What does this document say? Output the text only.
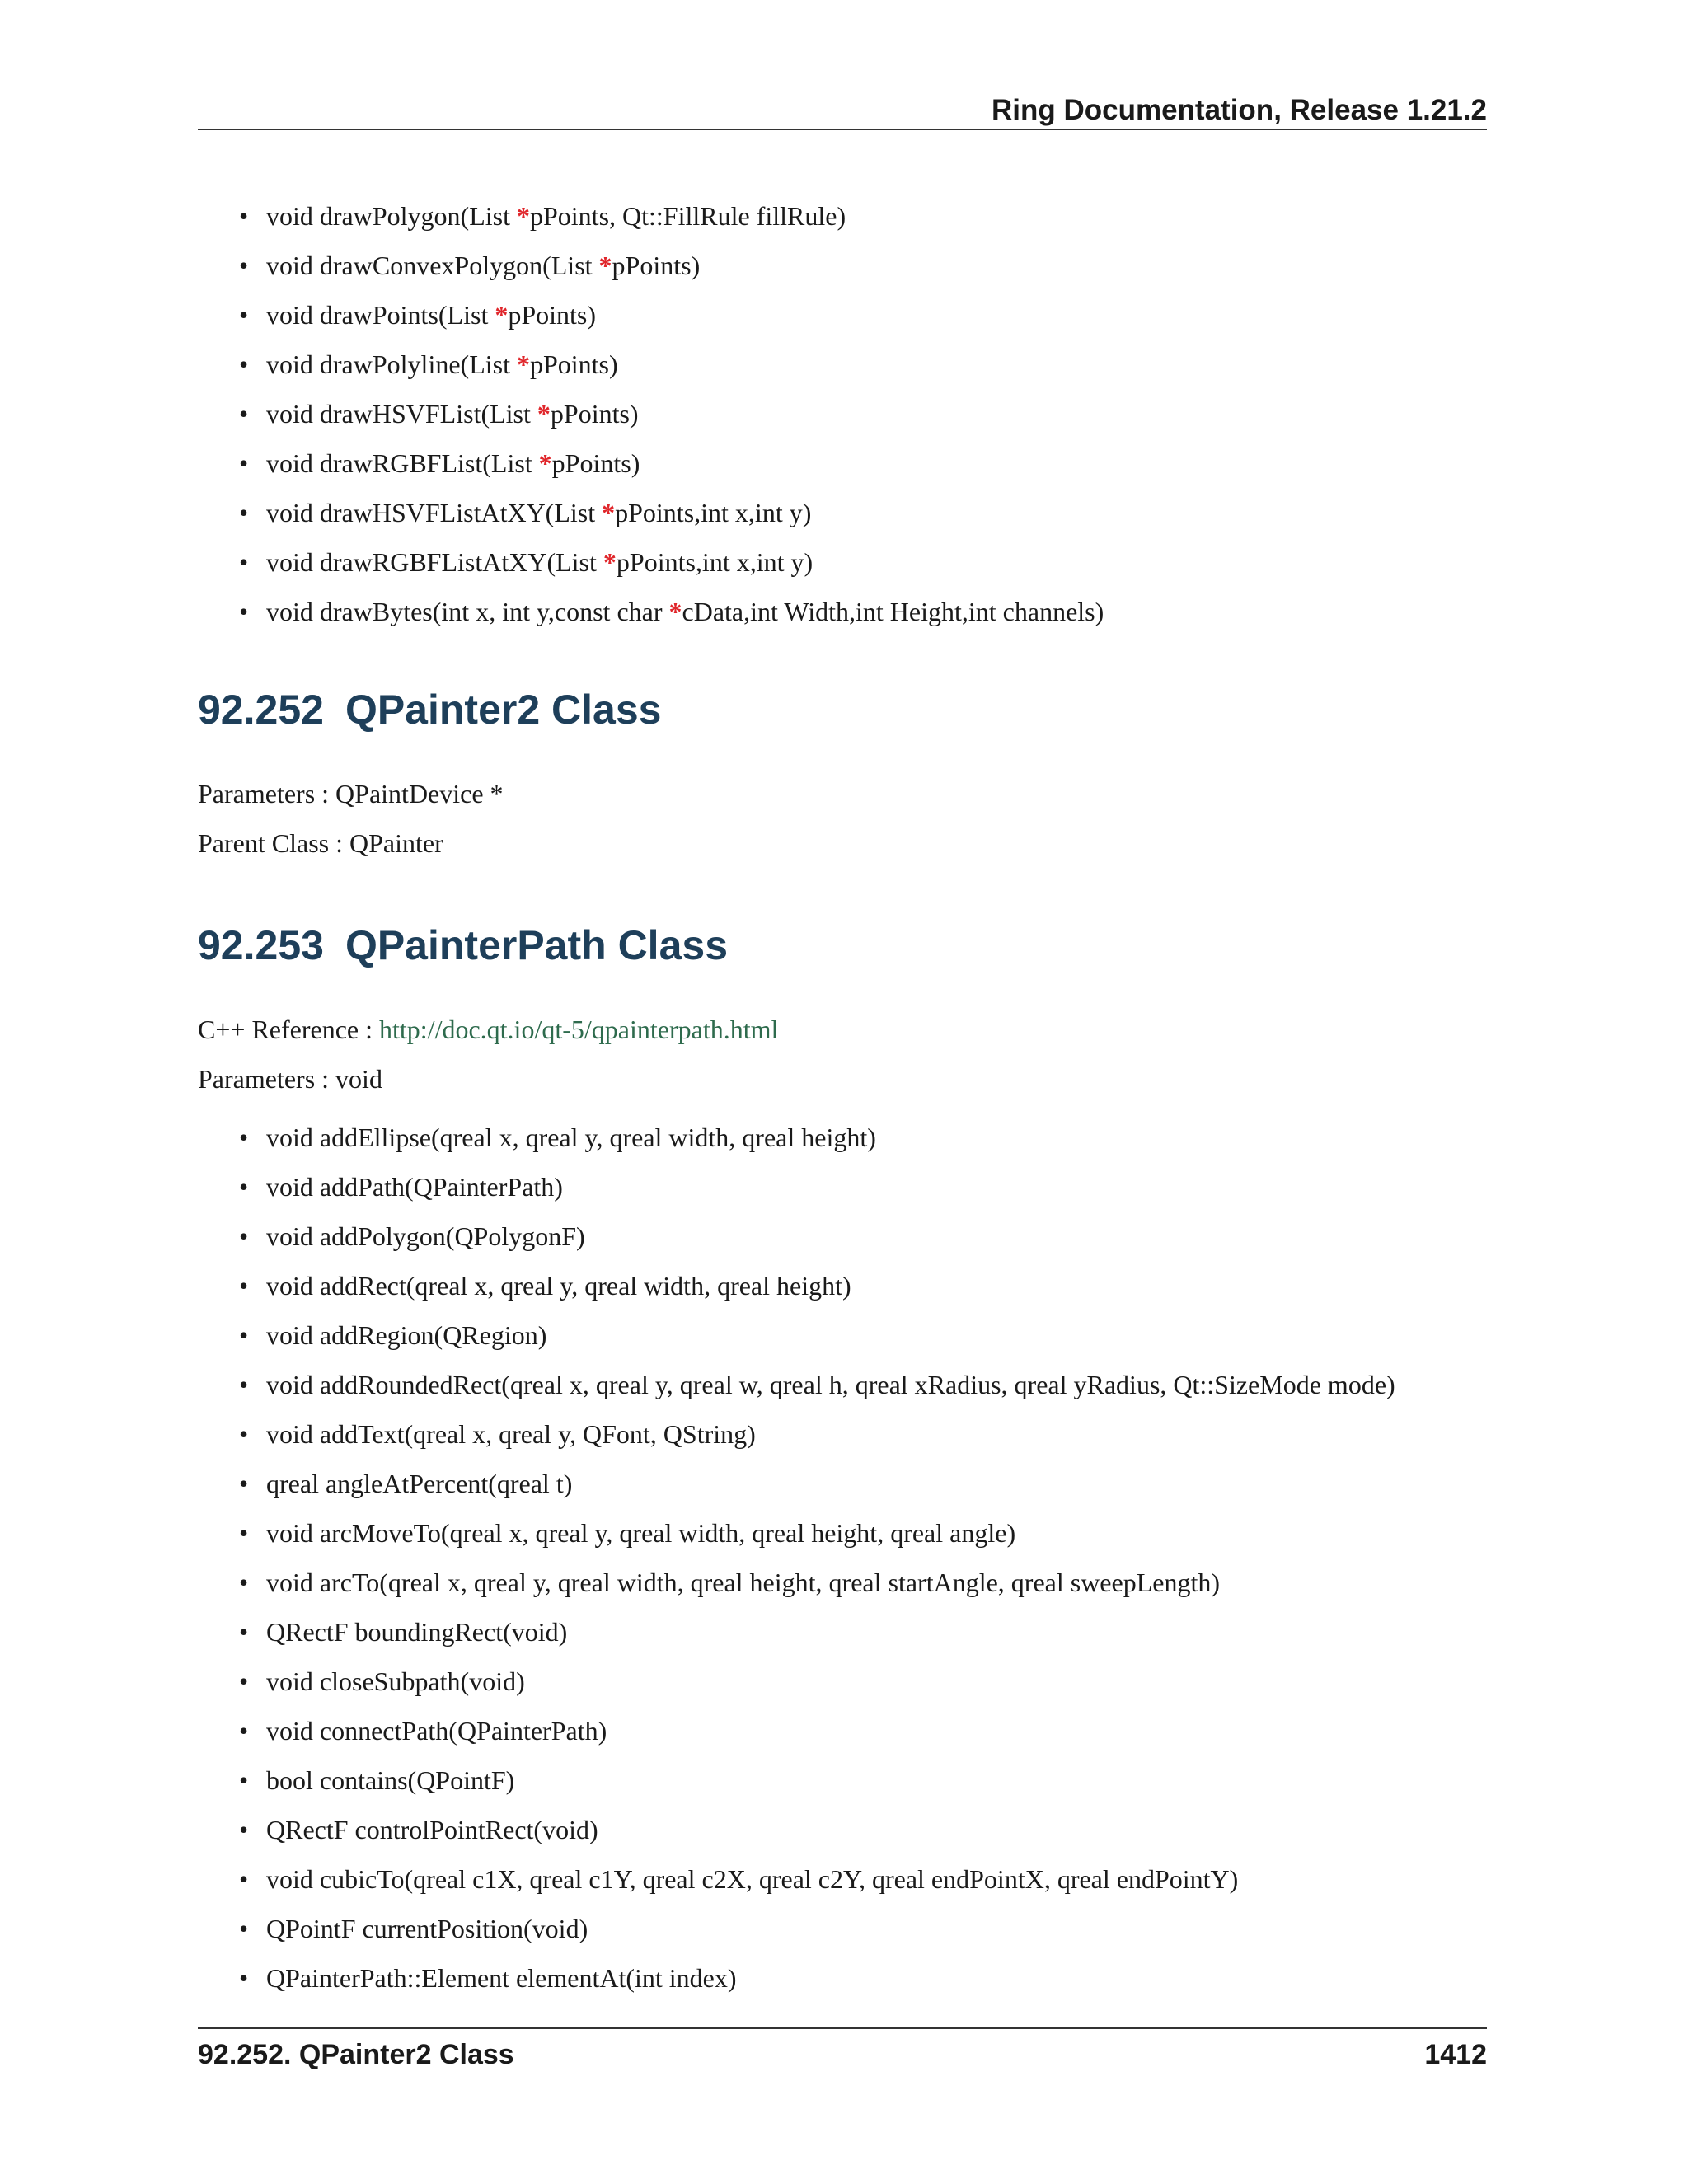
Ring Documentation, Release 1.21.2
• void drawPolygon(List *pPoints, Qt::FillRule fillRule)
• void drawConvexPolygon(List *pPoints)
• void drawPoints(List *pPoints)
• void drawPolyline(List *pPoints)
• void drawHSVFList(List *pPoints)
• void drawRGBFList(List *pPoints)
• void drawHSVFListAtXY(List *pPoints,int x,int y)
• void drawRGBFListAtXY(List *pPoints,int x,int y)
• void drawBytes(int x, int y,const char *cData,int Width,int Height,int channels)
92.252 QPainter2 Class
Parameters : QPaintDevice *
Parent Class : QPainter
92.253 QPainterPath Class
C++ Reference : http://doc.qt.io/qt-5/qpainterpath.html
Parameters : void
• void addEllipse(qreal x, qreal y, qreal width, qreal height)
• void addPath(QPainterPath)
• void addPolygon(QPolygonF)
• void addRect(qreal x, qreal y, qreal width, qreal height)
• void addRegion(QRegion)
• void addRoundedRect(qreal x, qreal y, qreal w, qreal h, qreal xRadius, qreal yRadius, Qt::SizeMode mode)
• void addText(qreal x, qreal y, QFont, QString)
• qreal angleAtPercent(qreal t)
• void arcMoveTo(qreal x, qreal y, qreal width, qreal height, qreal angle)
• void arcTo(qreal x, qreal y, qreal width, qreal height, qreal startAngle, qreal sweepLength)
• QRectF boundingRect(void)
• void closeSubpath(void)
• void connectPath(QPainterPath)
• bool contains(QPointF)
• QRectF controlPointRect(void)
• void cubicTo(qreal c1X, qreal c1Y, qreal c2X, qreal c2Y, qreal endPointX, qreal endPointY)
• QPointF currentPosition(void)
• QPainterPath::Element elementAt(int index)
92.252. QPainter2 Class	1412
